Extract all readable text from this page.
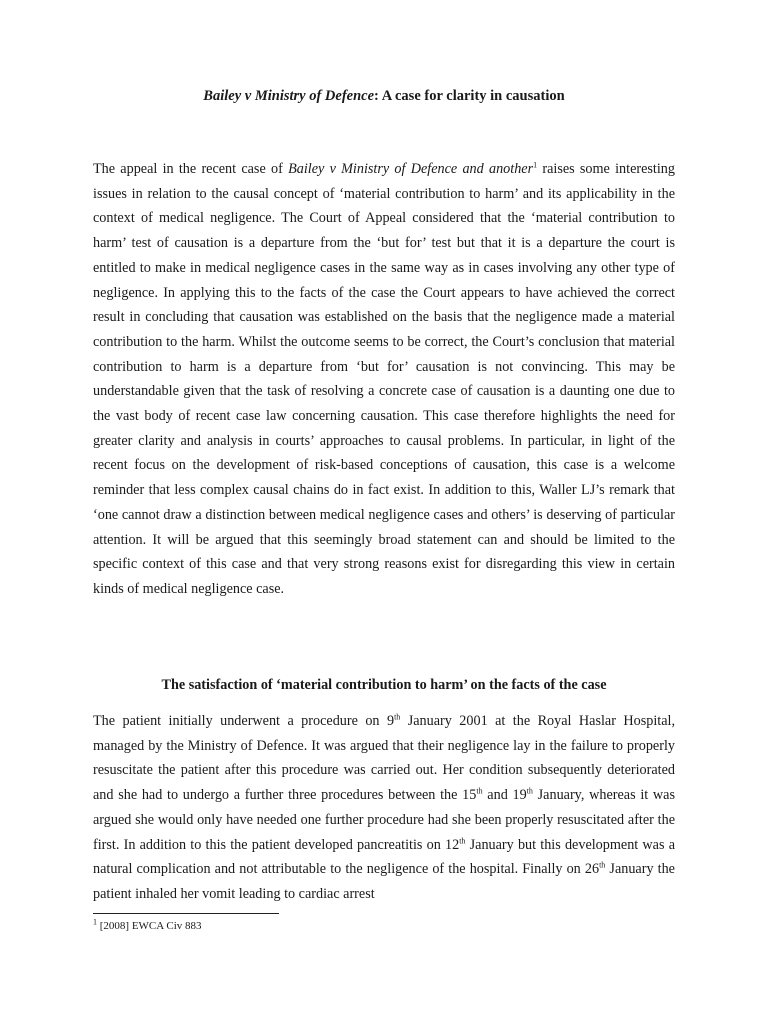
Bailey v Ministry of Defence: A case for clarity in causation

The appeal in the recent case of Bailey v Ministry of Defence and another$^1$ raises some interesting issues in relation to the causal concept of ‘material contribution to harm’ and its applicability in the context of medical negligence. The Court of Appeal considered that the ‘material contribution to harm’ test of causation is a departure from the ‘but for’ test but that it is a departure the court is entitled to make in medical negligence cases in the same way as in cases involving any other type of negligence. In applying this to the facts of the case the Court appears to have achieved the correct result in concluding that causation was established on the basis that the negligence made a material contribution to the harm. Whilst the outcome seems to be correct, the Court’s conclusion that material contribution to harm is a departure from ‘but for’ causation is not convincing. This may be understandable given that the task of resolving a concrete case of causation is a daunting one due to the vast body of recent case law concerning causation. This case therefore highlights the need for greater clarity and analysis in courts’ approaches to causal problems. In particular, in light of the recent focus on the development of risk-based conceptions of causation, this case is a welcome reminder that less complex causal chains do in fact exist. In addition to this, Waller LJ’s remark that ‘one cannot draw a distinction between medical negligence cases and others’ is deserving of particular attention. It will be argued that this seemingly broad statement can and should be limited to the specific context of this case and that very strong reasons exist for disregarding this view in certain kinds of medical negligence case.

The satisfaction of ‘material contribution to harm’ on the facts of the case

The patient initially underwent a procedure on 9th January 2001 at the Royal Haslar Hospital, managed by the Ministry of Defence. It was argued that their negligence lay in the failure to properly resuscitate the patient after this procedure was carried out. Her condition subsequently deteriorated and she had to undergo a further three procedures between the 15th and 19th January, whereas it was argued she would only have needed one further procedure had she been properly resuscitated after the first. In addition to this the patient developed pancreatitis on 12th January but this development was a natural complication and not attributable to the negligence of the hospital. Finally on 26th January the patient inhaled her vomit leading to cardiac arrest

$^1$ [2008] EWCA Civ 883
